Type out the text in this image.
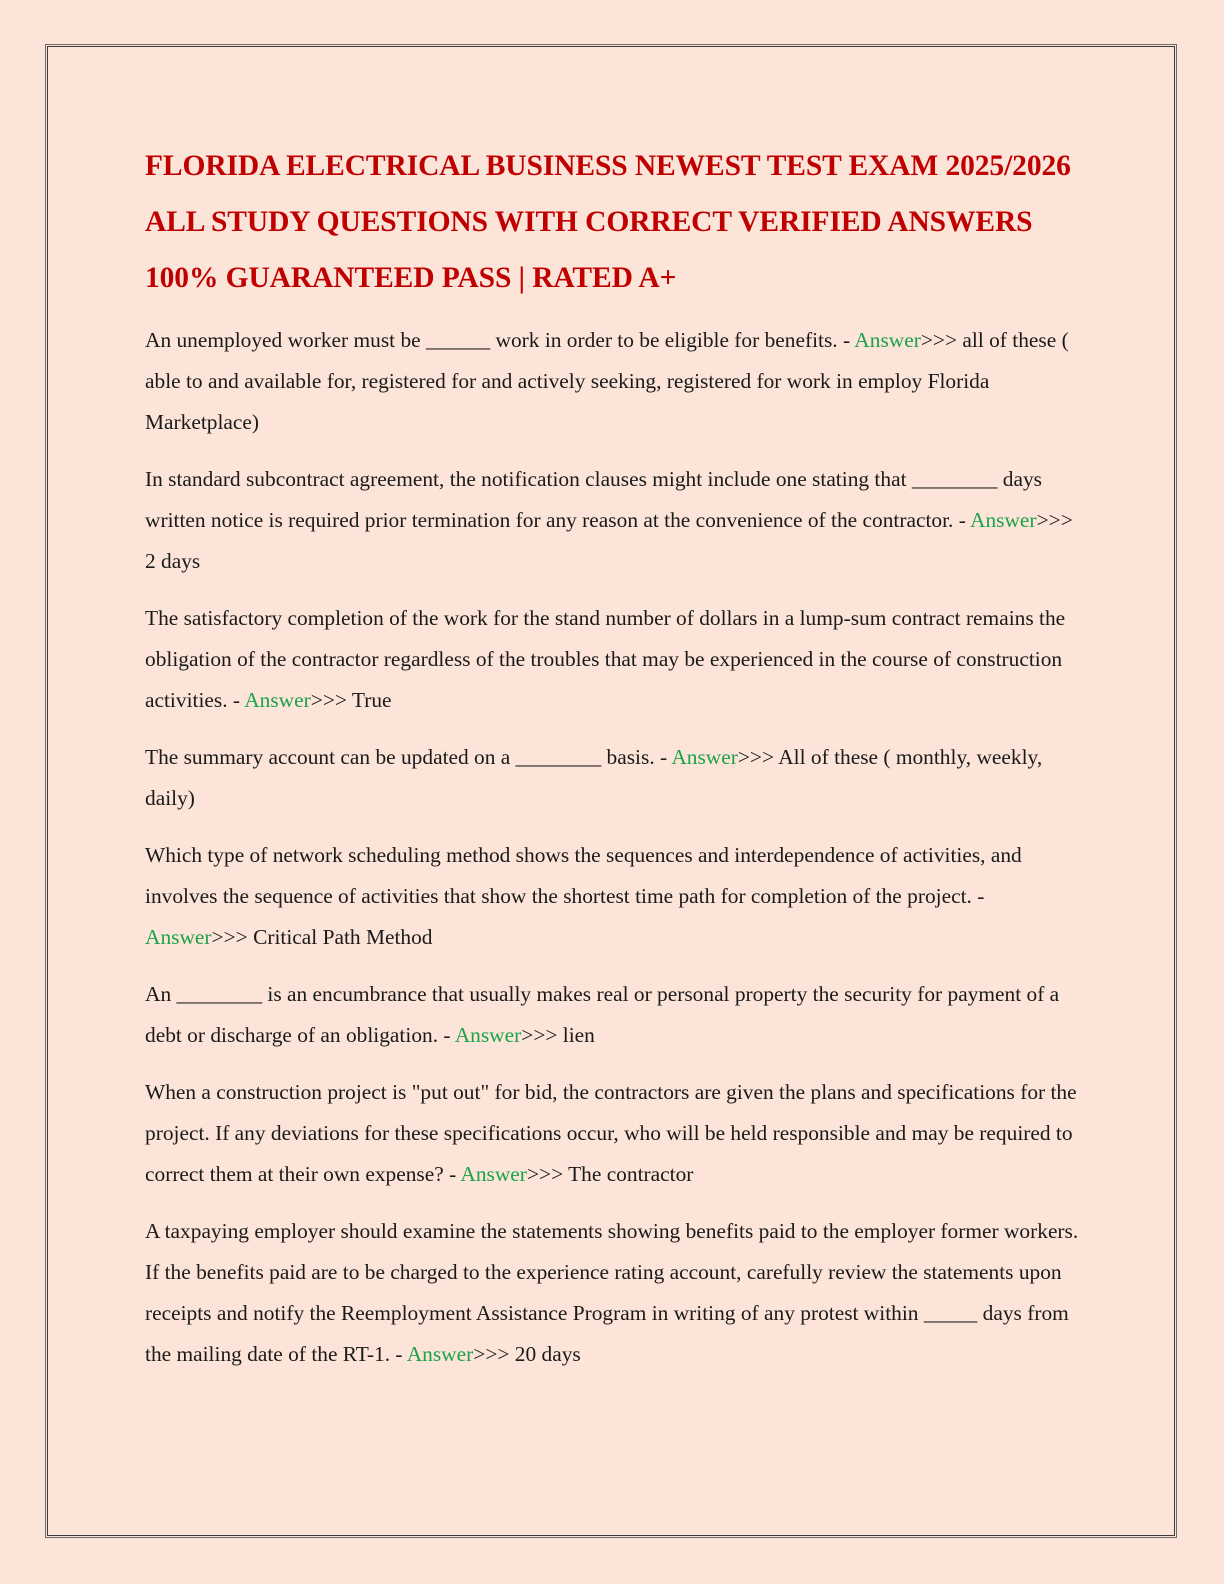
FLORIDA ELECTRICAL BUSINESS NEWEST TEST EXAM 2025/2026 ALL STUDY QUESTIONS WITH CORRECT VERIFIED ANSWERS 100% GUARANTEED PASS | RATED A+

An unemployed worker must be ______ work in order to be eligible for benefits. - Answer>>> all of these ( able to and available for, registered for and actively seeking, registered for work in employ Florida Marketplace)

In standard subcontract agreement, the notification clauses might include one stating that ________ days written notice is required prior termination for any reason at the convenience of the contractor. - Answer>>> 2 days

The satisfactory completion of the work for the stand number of dollars in a lump-sum contract remains the obligation of the contractor regardless of the troubles that may be experienced in the course of construction activities. - Answer>>> True

The summary account can be updated on a ________ basis. - Answer>>> All of these ( monthly, weekly, daily)

Which type of network scheduling method shows the sequences and interdependence of activities, and involves the sequence of activities that show the shortest time path for completion of the project. - Answer>>> Critical Path Method

An ________ is an encumbrance that usually makes real or personal property the security for payment of a debt or discharge of an obligation. - Answer>>> lien

When a construction project is "put out" for bid, the contractors are given the plans and specifications for the project. If any deviations for these specifications occur, who will be held responsible and may be required to correct them at their own expense? - Answer>>> The contractor

A taxpaying employer should examine the statements showing benefits paid to the employer former workers. If the benefits paid are to be charged to the experience rating account, carefully review the statements upon receipts and notify the Reemployment Assistance Program in writing of any protest within _____ days from the mailing date of the RT-1. - Answer>>> 20 days
